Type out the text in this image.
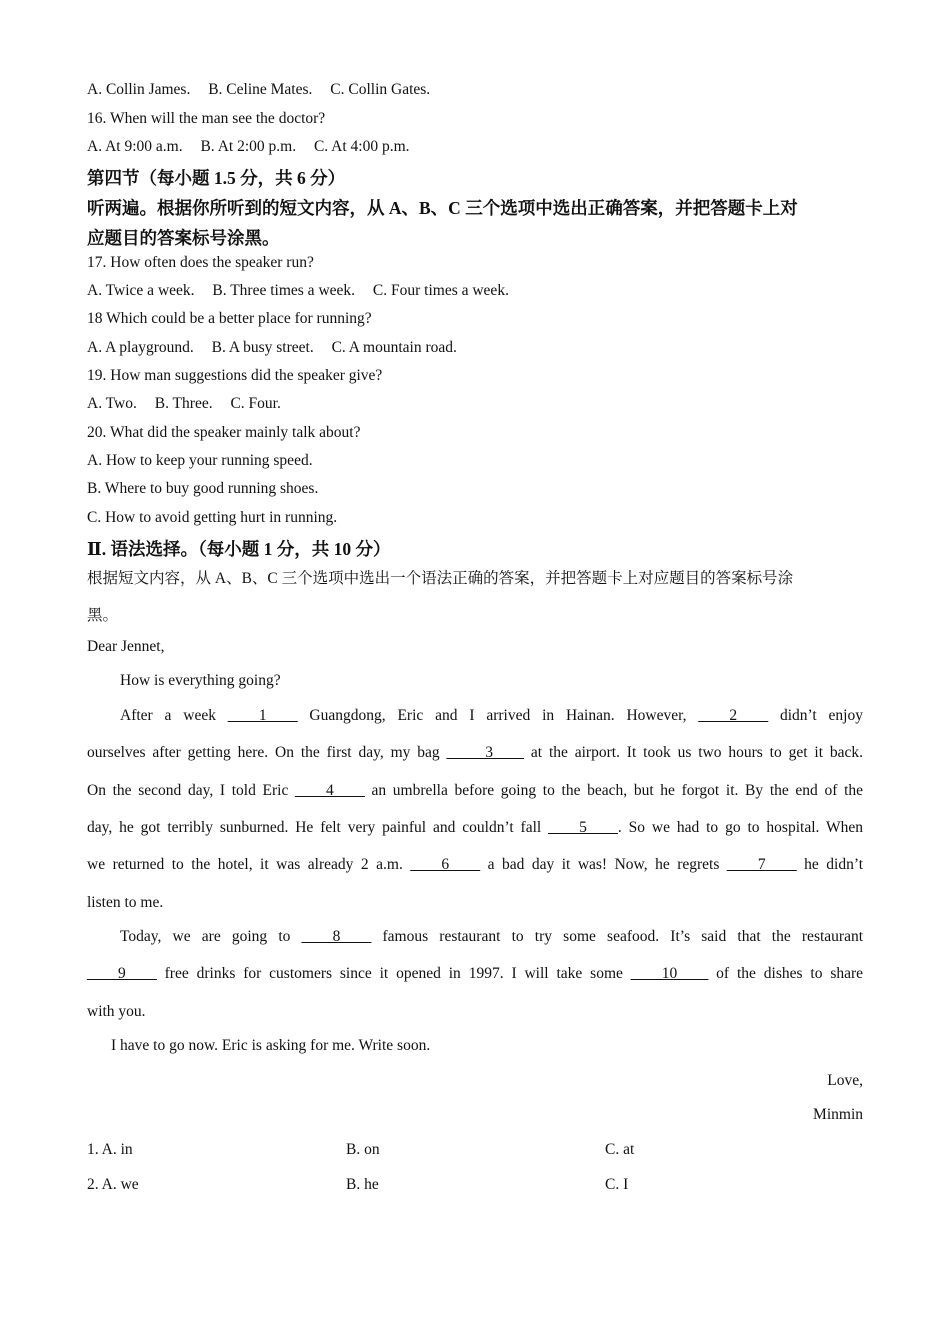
A. Collin James. B. Celine Mates. C. Collin Gates.
16. When will the man see the doctor?
A. At 9:00 a.m. B. At 2:00 p.m. C. At 4:00 p.m.
第四节（每小题 1.5 分，共 6 分）
听两遍。根据你所听到的短文内容，从 A、B、C 三个选项中选出正确答案，并把答题卡上对
应题目的答案标号涂黑。
17. How often does the speaker run?
A. Twice a week. B. Three times a week. C. Four times a week.
18 Which could be a better place for running?
A. A playground. B. A busy street. C. A mountain road.
19. How man suggestions did the speaker give?
A. Two. B. Three. C. Four.
20. What did the speaker mainly talk about?
A. How to keep your running speed.
B. Where to buy good running shoes.
C. How to avoid getting hurt in running.
Ⅱ. 语法选择。（每小题 1 分，共 10 分）
根据短文内容，从 A、B、C 三个选项中选出一个语法正确的答案，并把答题卡上对应题目的答案标号涂
黑。
Dear Jennet,
How is everything going?
After a week ____1____ Guangdong, Eric and I arrived in Hainan. However, ____2____ didn’t enjoy
ourselves after getting here. On the first day, my bag _____3____ at the airport. It took us two hours to get it back.
On the second day, I told Eric ____4____ an umbrella before going to the beach, but he forgot it. By the end of the
day, he got terribly sunburned. He felt very painful and couldn’t fall ____5____. So we had to go to hospital. When
we returned to the hotel, it was already 2 a.m. ____6____ a bad day it was! Now, he regrets ____7____ he didn’t
listen to me.
Today, we are going to ____8____ famous restaurant to try some seafood. It’s said that the restaurant
____9____ free drinks for customers since it opened in 1997. I will take some ____10____ of the dishes to share
with you.
I have to go now. Eric is asking for me. Write soon.
Love,
Minmin
1. A. in	B. on	C. at
2. A. we	B. he	C. I
